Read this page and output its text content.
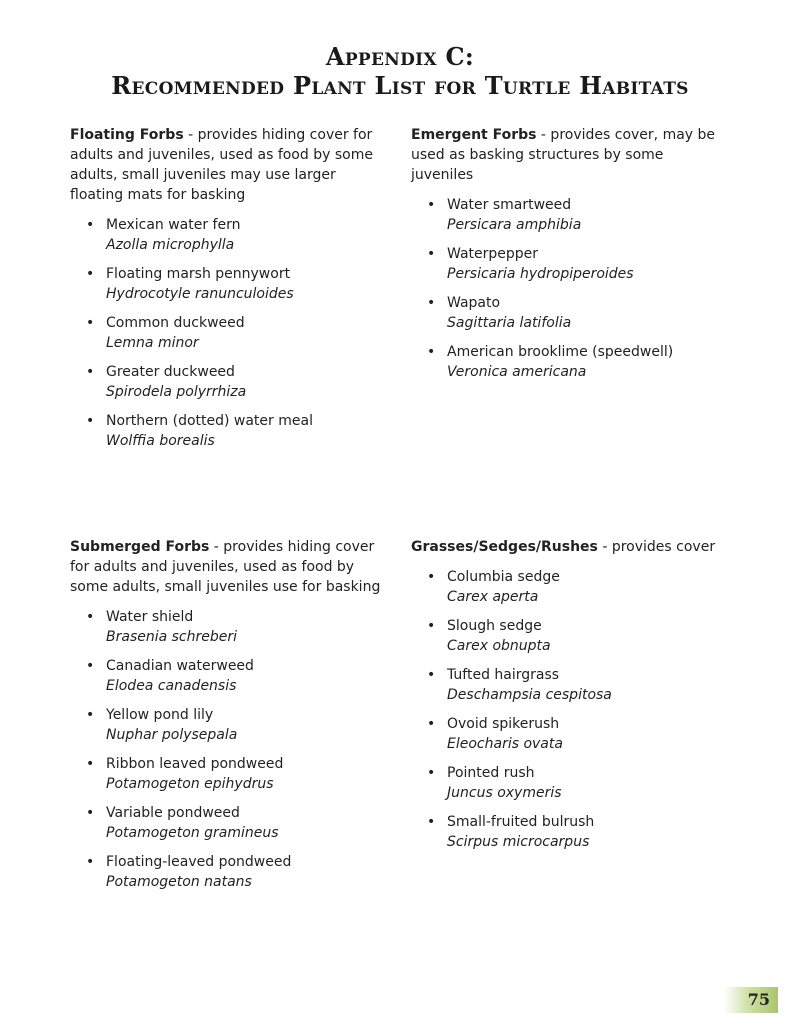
Appendix C:
Recommended Plant List for Turtle Habitats

Floating Forbs - provides hiding cover for adults and juveniles, used as food by some adults, small juveniles may use larger floating mats for basking

• Mexican water fern
Azolla microphylla
• Floating marsh pennywort
Hydrocotyle ranunculoides
• Common duckweed
Lemna minor
• Greater duckweed
Spirodela polyrrhiza
• Northern (dotted) water meal
Wolffia borealis

Emergent Forbs - provides cover, may be used as basking structures by some juveniles

• Water smartweed
Persicara amphibia
• Waterpepper
Persicaria hydropiperoides
• Wapato
Sagittaria latifolia
• American brooklime (speedwell)
Veronica americana

Submerged Forbs - provides hiding cover for adults and juveniles, used as food by some adults, small juveniles use for basking

• Water shield
Brasenia schreberi
• Canadian waterweed
Elodea canadensis
• Yellow pond lily
Nuphar polysepala
• Ribbon leaved pondweed
Potamogeton epihydrus
• Variable pondweed
Potamogeton gramineus
• Floating-leaved pondweed
Potamogeton natans

Grasses/Sedges/Rushes - provides cover

• Columbia sedge
Carex aperta
• Slough sedge
Carex obnupta
• Tufted hairgrass
Deschampsia cespitosa
• Ovoid spikerush
Eleocharis ovata
• Pointed rush
Juncus oxymeris
• Small-fruited bulrush
Scirpus microcarpus
75
